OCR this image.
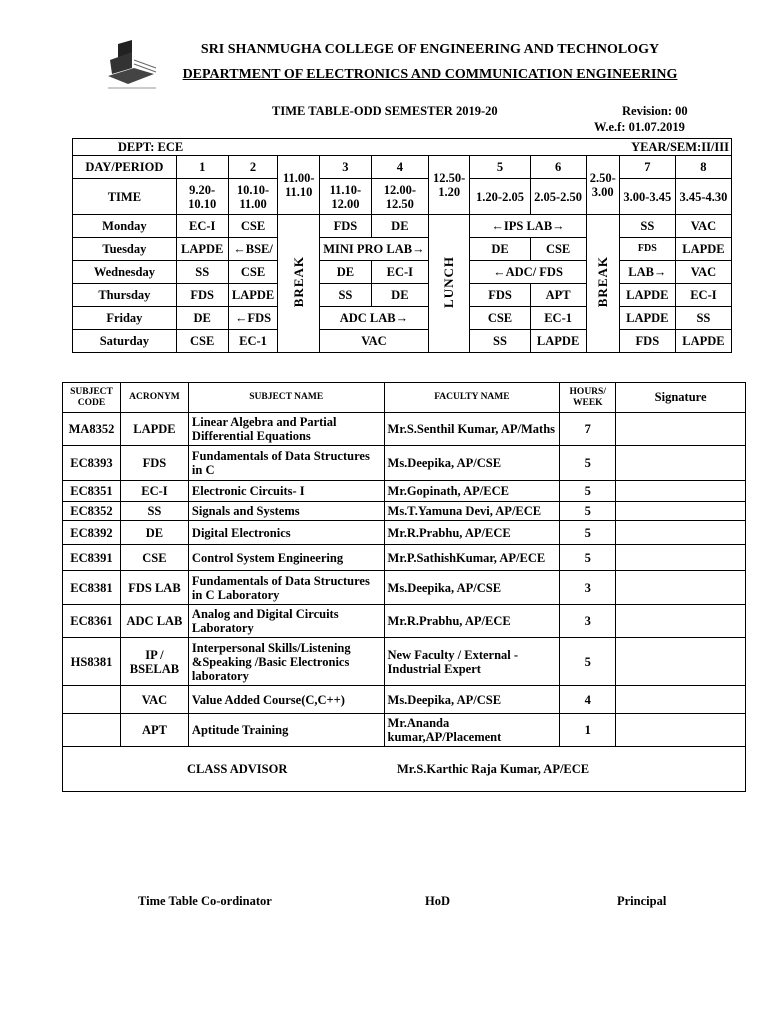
SRI SHANMUGHA COLLEGE OF ENGINEERING AND TECHNOLOGY
DEPARTMENT OF ELECTRONICS AND COMMUNICATION ENGINEERING
TIME TABLE-ODD SEMESTER 2019-20	Revision: 00
W.e.f: 01.07.2019
DEPT: ECE		YEAR/SEM:II/III									
DAY/PERIOD	1	2	11.00-11.10	3	4	12.50-1.20	5	6	2.50-3.00	7	8
TIME	9.20-10.10	10.10-11.00		11.10-12.00	12.00-12.50		1.20-2.05	2.05-2.50		3.00-3.45	3.45-4.30
Monday	EC-I	CSE	BREAK	FDS	DE	LUNCH	←IPS LAB→		BREAK	SS	VAC
Tuesday	LAPDE	←BSE/		MINI PRO LAB→			DE	CSE		FDS	LAPDE
Wednesday	SS	CSE		DE	EC-I		←ADC/ FDS			LAB→	VAC
Thursday	FDS	LAPDE		SS	DE		FDS	APT		LAPDE	EC-I
Friday	DE	←FDS		ADC LAB→			CSE	EC-1		LAPDE	SS
Saturday	CSE	EC-1		VAC			SS	LAPDE		FDS	LAPDE
SUBJECT CODE	ACRONYM	SUBJECT NAME	FACULTY NAME	HOURS/ WEEK	Signature
MA8352	LAPDE	Linear Algebra and Partial Differential Equations	Mr.S.Senthil Kumar, AP/Maths	7	
EC8393	FDS	Fundamentals of Data Structures in C	Ms.Deepika, AP/CSE	5	
EC8351	EC-I	Electronic Circuits- I	Mr.Gopinath, AP/ECE	5	
EC8352	SS	Signals and Systems	Ms.T.Yamuna Devi, AP/ECE	5	
EC8392	DE	Digital Electronics	Mr.R.Prabhu, AP/ECE	5	
EC8391	CSE	Control System Engineering	Mr.P.SathishKumar, AP/ECE	5	
EC8381	FDS LAB	Fundamentals of Data Structures in C Laboratory	Ms.Deepika, AP/CSE	3	
EC8361	ADC LAB	Analog and Digital Circuits Laboratory	Mr.R.Prabhu, AP/ECE	3	
HS8381	IP / BSELAB	Interpersonal Skills/Listening &Speaking /Basic Electronics laboratory	New Faculty / External - Industrial Expert	5	
	VAC	Value Added Course(C,C++)	Ms.Deepika, AP/CSE	4	
	APT	Aptitude Training	Mr.Ananda kumar,AP/Placement	1	
CLASS ADVISOR Mr.S.Karthic Raja Kumar, AP/ECE					
Time Table Co-ordinator	HoD	Principal
